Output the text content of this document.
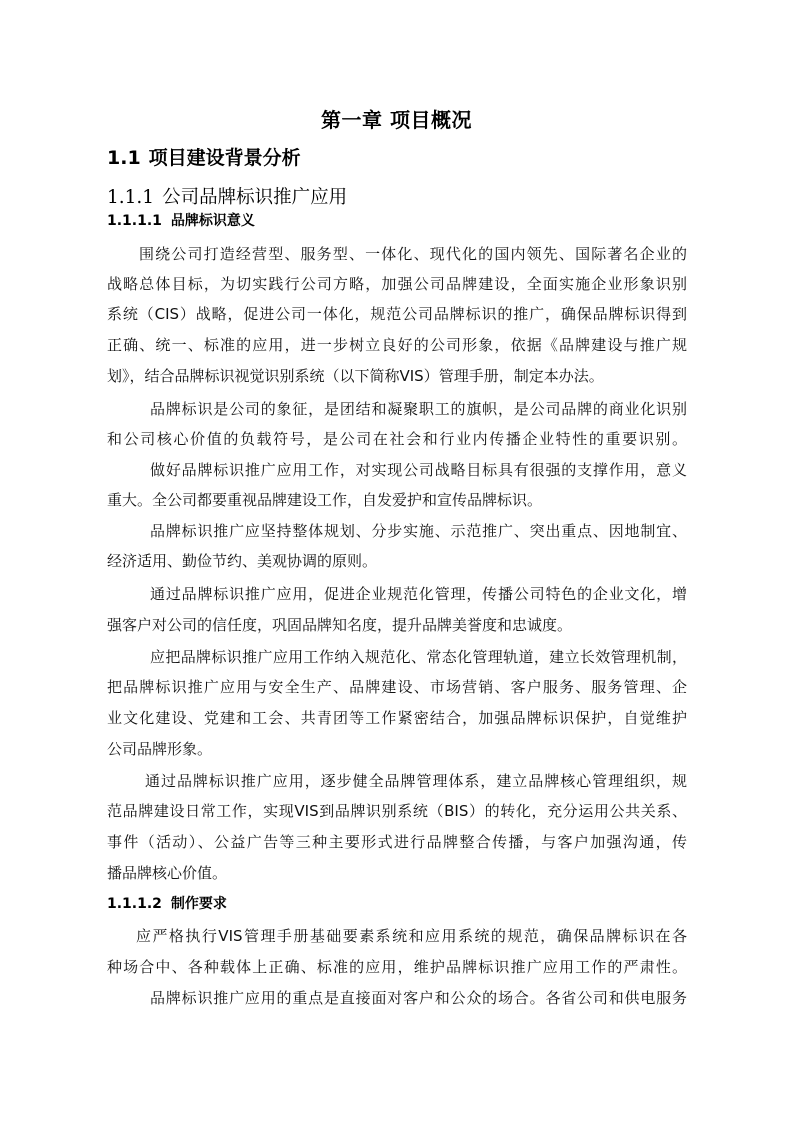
第一章 项目概况
1.1 项目建设背景分析
1.1.1 公司品牌标识推广应用
1.1.1.1 品牌标识意义
围绕公司打造经营型、服务型、一体化、现代化的国内领先、国际著名企业的
战略总体目标，为切实践行公司方略，加强公司品牌建设，全面实施企业形象识别
系统（CIS）战略，促进公司一体化，规范公司品牌标识的推广，确保品牌标识得到
正确、统一、标准的应用，进一步树立良好的公司形象，依据《品牌建设与推广规
划》，结合品牌标识视觉识别系统（以下简称VIS）管理手册，制定本办法。
品牌标识是公司的象征，是团结和凝聚职工的旗帜，是公司品牌的商业化识别
和公司核心价值的负载符号，是公司在社会和行业内传播企业特性的重要识别。
做好品牌标识推广应用工作，对实现公司战略目标具有很强的支撑作用，意义
重大。全公司都要重视品牌建设工作，自发爱护和宣传品牌标识。
品牌标识推广应坚持整体规划、分步实施、示范推广、突出重点、因地制宜、
经济适用、勤俭节约、美观协调的原则。
通过品牌标识推广应用，促进企业规范化管理，传播公司特色的企业文化，增
强客户对公司的信任度，巩固品牌知名度，提升品牌美誉度和忠诚度。
应把品牌标识推广应用工作纳入规范化、常态化管理轨道，建立长效管理机制，
把品牌标识推广应用与安全生产、品牌建设、市场营销、客户服务、服务管理、企
业文化建设、党建和工会、共青团等工作紧密结合，加强品牌标识保护，自觉维护
公司品牌形象。
通过品牌标识推广应用，逐步健全品牌管理体系，建立品牌核心管理组织，规
范品牌建设日常工作，实现VIS到品牌识别系统（BIS）的转化，充分运用公共关系、
事件（活动）、公益广告等三种主要形式进行品牌整合传播，与客户加强沟通，传
播品牌核心价值。
1.1.1.2 制作要求
应严格执行VIS管理手册基础要素系统和应用系统的规范，确保品牌标识在各
种场合中、各种载体上正确、标准的应用，维护品牌标识推广应用工作的严肃性。
品牌标识推广应用的重点是直接面对客户和公众的场合。各省公司和供电服务
